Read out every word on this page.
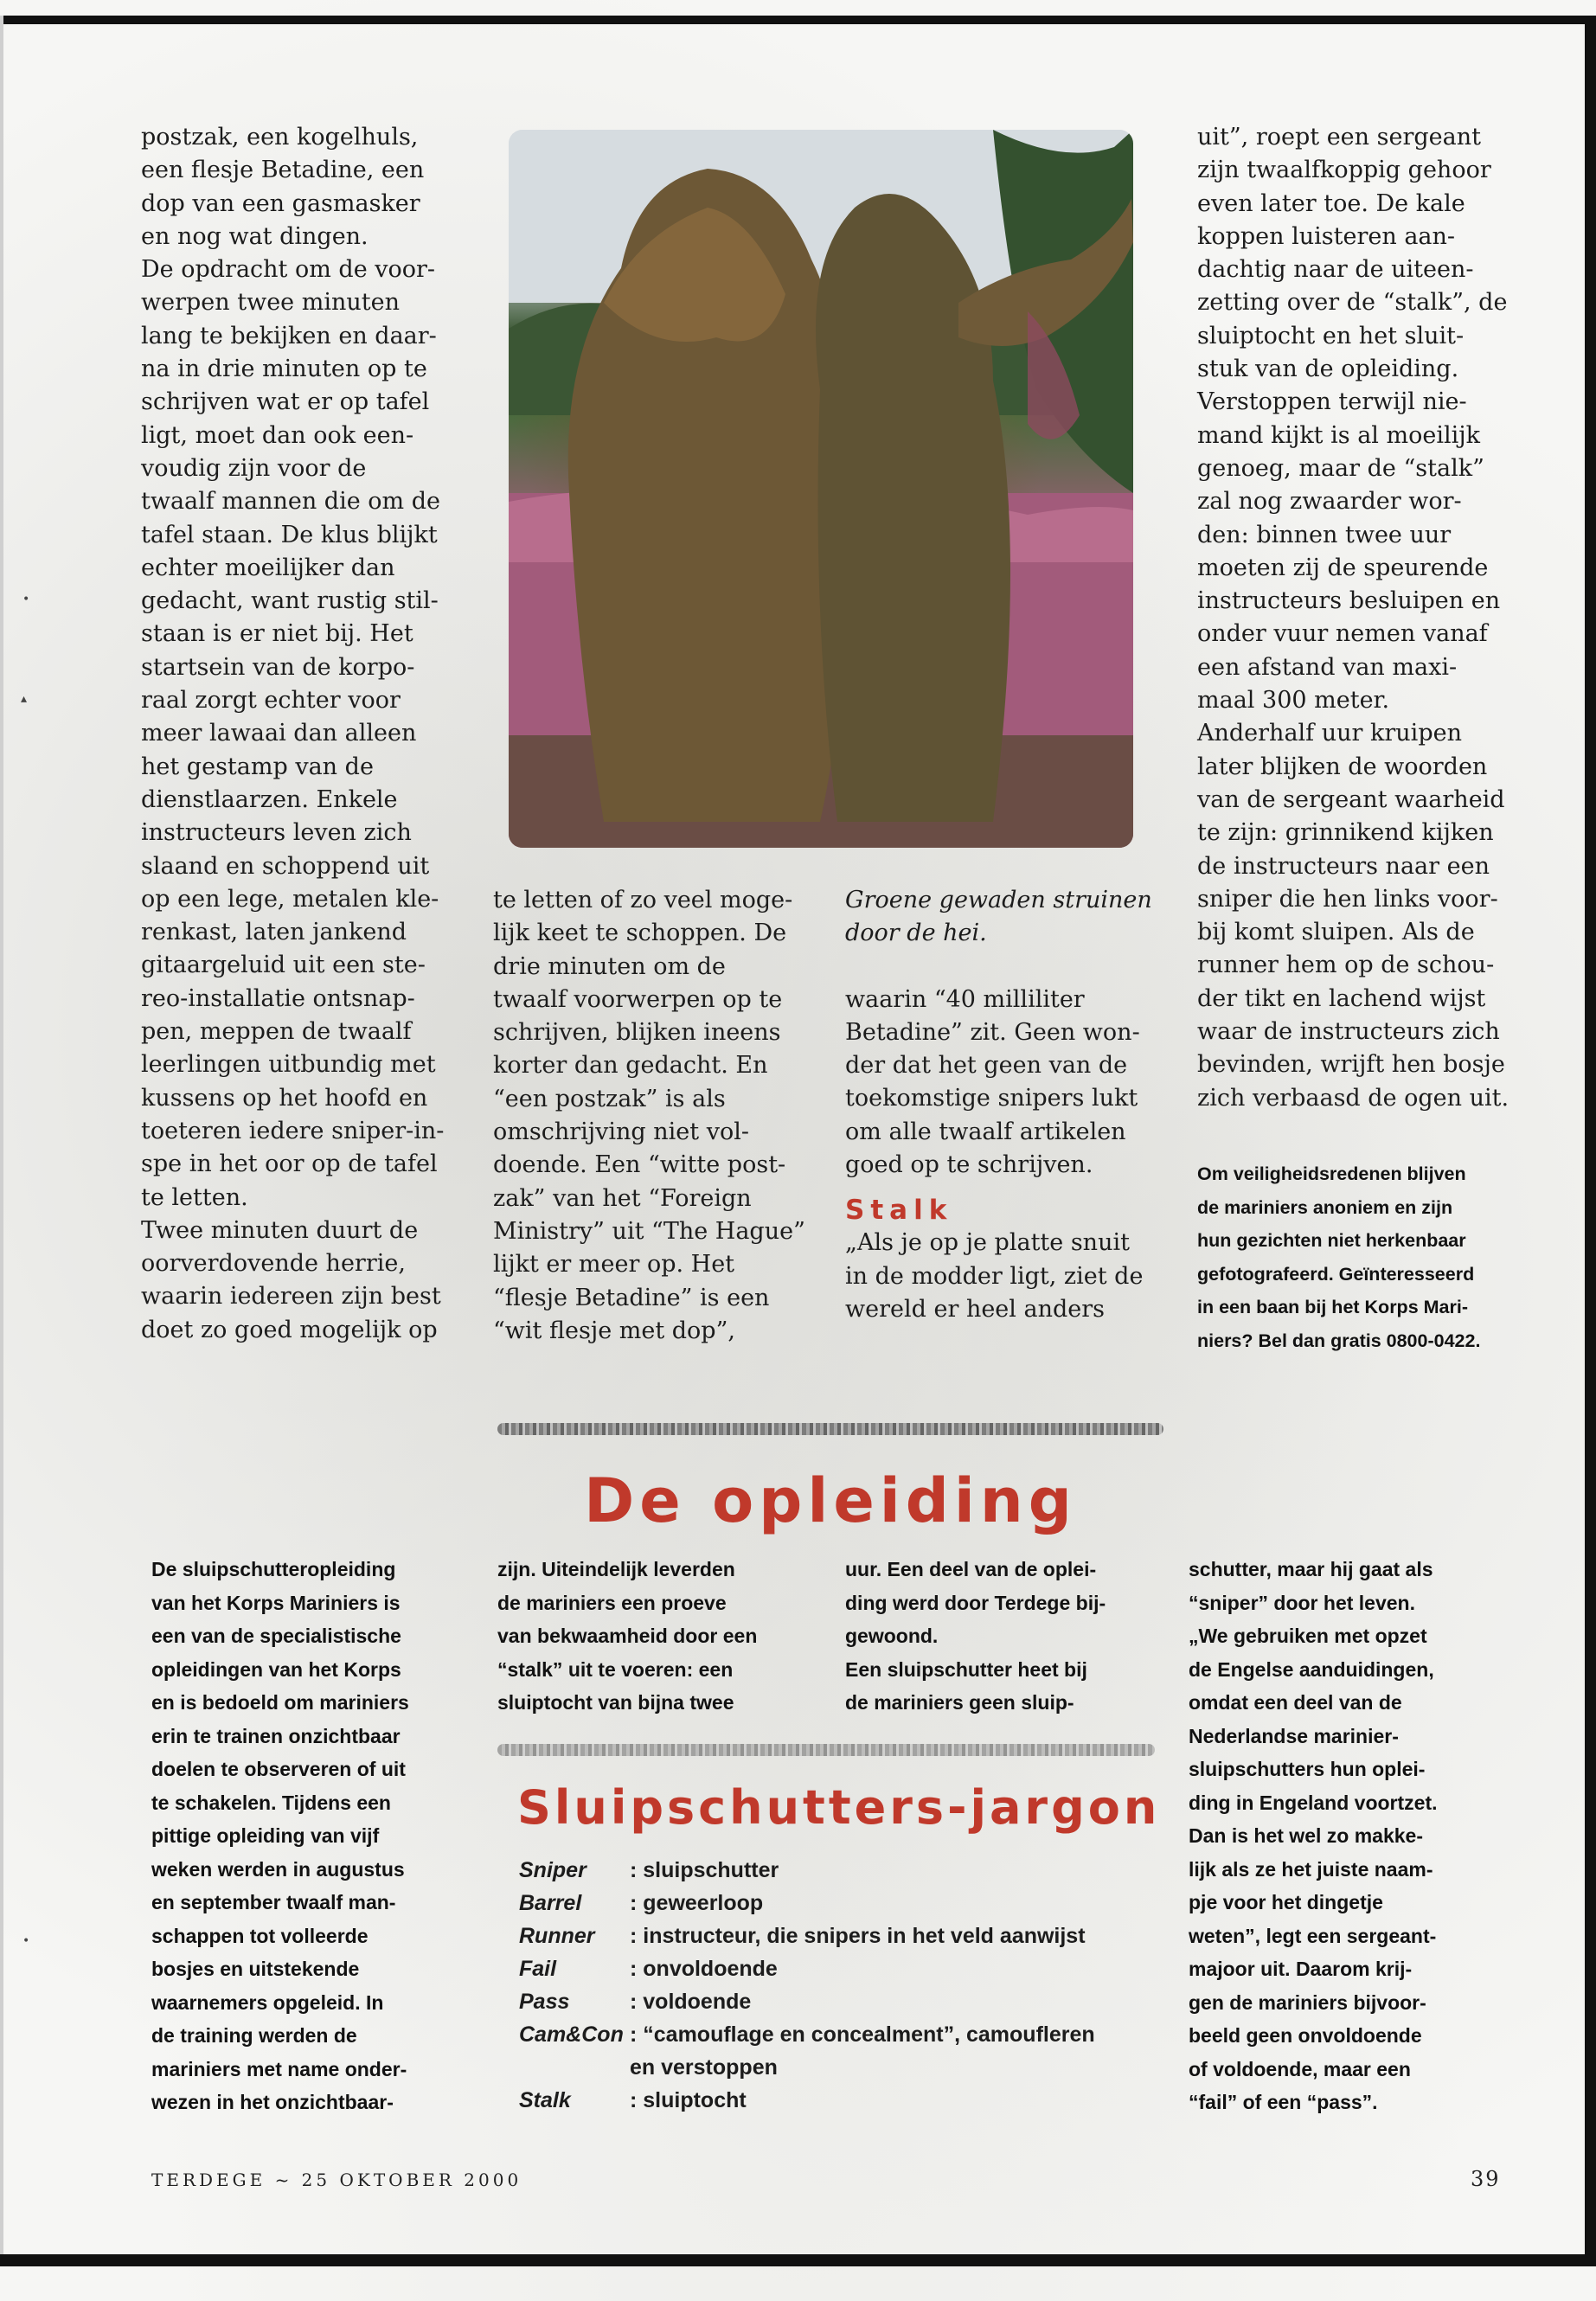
postzak, een kogelhuls,

een flesje Betadine, een

dop van een gasmasker

en nog wat dingen.

De opdracht om de voor-

werpen twee minuten

lang te bekijken en daar-

na in drie minuten op te

schrijven wat er op tafel

ligt, moet dan ook een-

voudig zijn voor de

twaalf mannen die om de

tafel staan. De klus blijkt

echter moeilijker dan

gedacht, want rustig stil-

staan is er niet bij. Het

startsein van de korpo-

raal zorgt echter voor

meer lawaai dan alleen

het gestamp van de

dienstlaarzen. Enkele

instructeurs leven zich

slaand en schoppend uit

op een lege, metalen kle-

renkast, laten jankend

gitaargeluid uit een ste-

reo-installatie ontsnap-

pen, meppen de twaalf

leerlingen uitbundig met

kussens op het hoofd en

toeteren iedere sniper-in-

spe in het oor op de tafel

te letten.

Twee minuten duurt de

oorverdovende herrie,

waarin iedereen zijn best

doet zo goed mogelijk op

te letten of zo veel moge-

lijk keet te schoppen. De

drie minuten om de

twaalf voorwerpen op te

schrijven, blijken ineens

korter dan gedacht. En

“een postzak” is als

omschrijving niet vol-

doende. Een “witte post-

zak” van het “Foreign

Ministry” uit “The Hague”

lijkt er meer op. Het

“flesje Betadine” is een

“wit flesje met dop”,

Groene gewaden struinen

door de hei.

waarin “40 milliliter

Betadine” zit. Geen won-

der dat het geen van de

toekomstige snipers lukt

om alle twaalf artikelen

goed op te schrijven.

Stalk

„Als je op je platte snuit

in de modder ligt, ziet de

wereld er heel anders

uit”, roept een sergeant

zijn twaalfkoppig gehoor

even later toe. De kale

koppen luisteren aan-

dachtig naar de uiteen-

zetting over de “stalk”, de

sluiptocht en het sluit-

stuk van de opleiding.

Verstoppen terwijl nie-

mand kijkt is al moeilijk

genoeg, maar de “stalk”

zal nog zwaarder wor-

den: binnen twee uur

moeten zij de speurende

instructeurs besluipen en

onder vuur nemen vanaf

een afstand van maxi-

maal 300 meter.

Anderhalf uur kruipen

later blijken de woorden

van de sergeant waarheid

te zijn: grinnikend kijken

de instructeurs naar een

sniper die hen links voor-

bij komt sluipen. Als de

runner hem op de schou-

der tikt en lachend wijst

waar de instructeurs zich

bevinden, wrijft hen bosje

zich verbaasd de ogen uit.

Om veiligheidsredenen blijven

de mariniers anoniem en zijn

hun gezichten niet herkenbaar

gefotografeerd. Geïnteresseerd

in een baan bij het Korps Mari-

niers? Bel dan gratis 0800-0422.

De opleiding

De sluipschutteropleiding

van het Korps Mariniers is

een van de specialistische

opleidingen van het Korps

en is bedoeld om mariniers

erin te trainen onzichtbaar

doelen te observeren of uit

te schakelen. Tijdens een

pittige opleiding van vijf

weken werden in augustus

en september twaalf man-

schappen tot volleerde

bosjes en uitstekende

waarnemers opgeleid. In

de training werden de

mariniers met name onder-

wezen in het onzichtbaar-

zijn. Uiteindelijk leverden

de mariniers een proeve

van bekwaamheid door een

“stalk” uit te voeren: een

sluiptocht van bijna twee

uur. Een deel van de oplei-

ding werd door Terdege bij-

gewoond.

Een sluipschutter heet bij

de mariniers geen sluip-

schutter, maar hij gaat als

“sniper” door het leven.

„We gebruiken met opzet

de Engelse aanduidingen,

omdat een deel van de

Nederlandse marinier-

sluipschutters hun oplei-

ding in Engeland voortzet.

Dan is het wel zo makke-

lijk als ze het juiste naam-

pje voor het dingetje

weten”, legt een sergeant-

majoor uit. Daarom krij-

gen de mariniers bijvoor-

beeld geen onvoldoende

of voldoende, maar een

“fail” of een “pass”.

Sluipschutters-jargon
Sniper	: sluipschutter
Barrel	: geweerloop
Runner	: instructeur, die snipers in het veld aanwijst
Fail	: onvoldoende
Pass	: voldoende
Cam&Con : “camouflage en concealment”, camoufleren
en verstoppen
Stalk	: sluiptocht
TERDEGE ~ 25 OKTOBER 2000	39
•
▴
•
